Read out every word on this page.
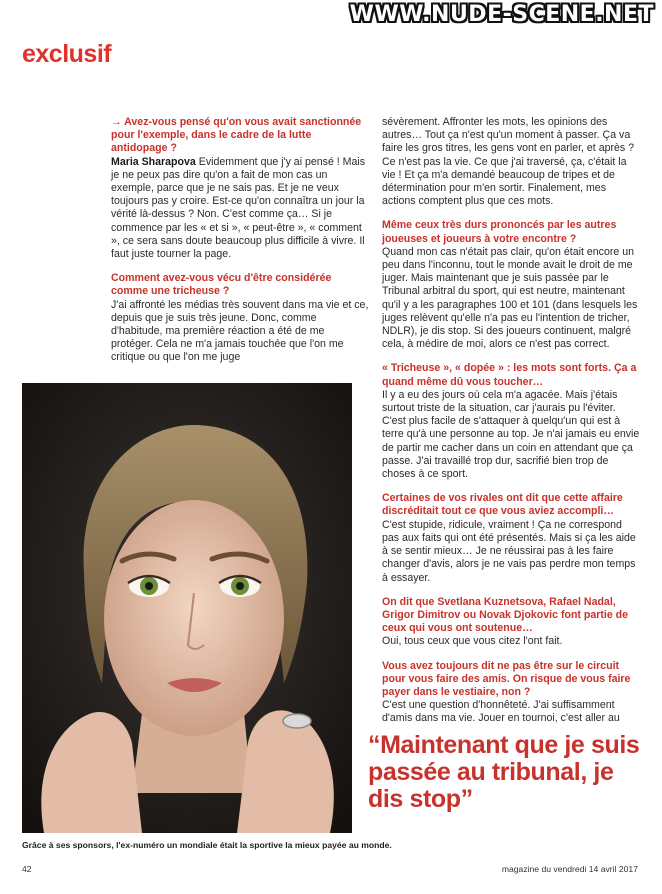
WWW.NUDE-SCENE.NET
exclusif

→ Avez-vous pensé qu'on vous avait sanctionnée pour l'exemple, dans le cadre de la lutte antidopage ?

Maria Sharapova Evidemment que j'y ai pensé ! Mais je ne peux pas dire qu'on a fait de mon cas un exemple, parce que je ne sais pas. Et je ne veux toujours pas y croire. Est-ce qu'on connaîtra un jour la vérité là-dessus ? Non. C'est comme ça… Si je commence par les « et si », « peut-être », « comment », ce sera sans doute beaucoup plus difficile à vivre. Il faut juste tourner la page.

Comment avez-vous vécu d'être considérée comme une tricheuse ?

J'ai affronté les médias très souvent dans ma vie et ce, depuis que je suis très jeune. Donc, comme d'habitude, ma première réaction a été de me protéger. Cela ne m'a jamais touchée que l'on me critique ou que l'on me juge

sévèrement. Affronter les mots, les opinions des autres… Tout ça n'est qu'un moment à passer. Ça va faire les gros titres, les gens vont en parler, et après ? Ce n'est pas la vie. Ce que j'ai traversé, ça, c'était la vie ! Et ça m'a demandé beaucoup de tripes et de détermination pour m'en sortir. Finalement, mes actions comptent plus que ces mots.

Même ceux très durs prononcés par les autres joueuses et joueurs à votre encontre ?

Quand mon cas n'était pas clair, qu'on était encore un peu dans l'inconnu, tout le monde avait le droit de me juger. Mais maintenant que je suis passée par le Tribunal arbitral du sport, qui est neutre, maintenant qu'il y a les paragraphes 100 et 101 (dans lesquels les juges relèvent qu'elle n'a pas eu l'intention de tricher, NDLR), je dis stop. Si des joueurs continuent, malgré cela, à médire de moi, alors ce n'est pas correct.

« Tricheuse », « dopée » : les mots sont forts. Ça a quand même dû vous toucher…

Il y a eu des jours où cela m'a agacée. Mais j'étais surtout triste de la situation, car j'aurais pu l'éviter. C'est plus facile de s'attaquer à quelqu'un qui est à terre qu'à une personne au top. Je n'ai jamais eu envie de partir me cacher dans un coin en attendant que ça passe. J'ai travaillé trop dur, sacrifié bien trop de choses à ce sport.

Certaines de vos rivales ont dit que cette affaire discréditait tout ce que vous aviez accompli…

C'est stupide, ridicule, vraiment ! Ça ne correspond pas aux faits qui ont été présentés. Mais si ça les aide à se sentir mieux… Je ne réussirai pas à les faire changer d'avis, alors je ne vais pas perdre mon temps à essayer.

On dit que Svetlana Kuznetsova, Rafael Nadal, Grigor Dimitrov ou Novak Djokovic font partie de ceux qui vous ont soutenue…

Oui, tous ceux que vous citez l'ont fait.

Vous avez toujours dit ne pas être sur le circuit pour vous faire des amis. On risque de vous faire payer dans le vestiaire, non ?

C'est une question d'honnêteté. J'ai suffisamment d'amis dans ma vie. Jouer en tournoi, c'est aller au

Grâce à ses sponsors, l'ex-numéro un mondiale était la sportive la mieux payée au monde.
“Maintenant que je suis passée au tribunal, je dis stop”
42	magazine du vendredi 14 avril 2017
